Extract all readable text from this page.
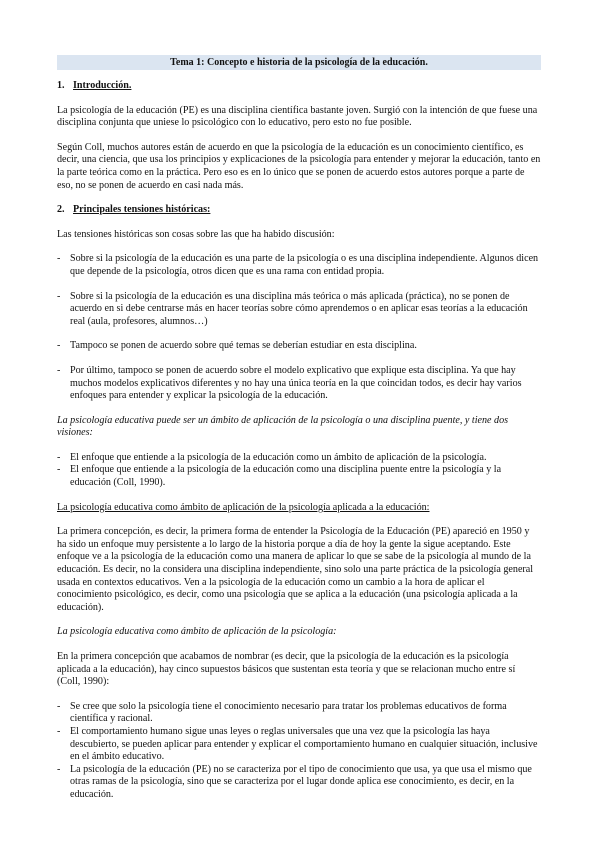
Tema 1: Concepto e historia de la psicología de la educación.
1. Introducción.

La psicología de la educación (PE) es una disciplina científica bastante joven. Surgió con la intención de que fuese una disciplina conjunta que uniese lo psicológico con lo educativo, pero esto no fue posible.

Según Coll, muchos autores están de acuerdo en que la psicología de la educación es un conocimiento científico, es decir, una ciencia, que usa los principios y explicaciones de la psicología para entender y mejorar la educación, tanto en la parte teórica como en la práctica. Pero eso es en lo único que se ponen de acuerdo estos autores porque a parte de eso, no se ponen de acuerdo en casi nada más.

2. Principales tensiones históricas:

Las tensiones históricas son cosas sobre las que ha habido discusión:

- Sobre si la psicología de la educación es una parte de la psicología o es una disciplina independiente. Algunos dicen que depende de la psicología, otros dicen que es una rama con entidad propia.
- Sobre si la psicología de la educación es una disciplina más teórica o más aplicada (práctica), no se ponen de acuerdo en si debe centrarse más en hacer teorías sobre cómo aprendemos o en aplicar esas teorías a la educación real (aula, profesores, alumnos…)
- Tampoco se ponen de acuerdo sobre qué temas se deberían estudiar en esta disciplina.
- Por último, tampoco se ponen de acuerdo sobre el modelo explicativo que explique esta disciplina. Ya que hay muchos modelos explicativos diferentes y no hay una única teoría en la que coincidan todos, es decir hay varios enfoques para entender y explicar la psicología de la educación.

La psicología educativa puede ser un ámbito de aplicación de la psicología o una disciplina puente, y tiene dos visiones:

- El enfoque que entiende a la psicología de la educación como un ámbito de aplicación de la psicología.
- El enfoque que entiende a la psicología de la educación como una disciplina puente entre la psicología y la educación (Coll, 1990).

La psicología educativa como ámbito de aplicación de la psicología aplicada a la educación:

La primera concepción, es decir, la primera forma de entender la Psicología de la Educación (PE) apareció en 1950 y ha sido un enfoque muy persistente a lo largo de la historia porque a día de hoy la gente la sigue aceptando. Este enfoque ve a la psicología de la educación como una manera de aplicar lo que se sabe de la psicología al mundo de la educación. Es decir, no la considera una disciplina independiente, sino solo una parte práctica de la psicología general usada en contextos educativos. Ven a la psicología de la educación como un cambio a la hora de aplicar el conocimiento psicológico, es decir, como una psicología que se aplica a la educación (una psicología aplicada a la educación).

La psicología educativa como ámbito de aplicación de la psicología:

En la primera concepción que acabamos de nombrar (es decir, que la psicología de la educación es la psicología aplicada a la educación), hay cinco supuestos básicos que sustentan esta teoría y que se relacionan mucho entre sí (Coll, 1990):

- Se cree que solo la psicología tiene el conocimiento necesario para tratar los problemas educativos de forma científica y racional.
- El comportamiento humano sigue unas leyes o reglas universales que una vez que la psicología las haya descubierto, se pueden aplicar para entender y explicar el comportamiento humano en cualquier situación, inclusive en el ámbito educativo.
- La psicología de la educación (PE) no se caracteriza por el tipo de conocimiento que usa, ya que usa el mismo que otras ramas de la psicología, sino que se caracteriza por el lugar donde aplica ese conocimiento, es decir, en la educación.
